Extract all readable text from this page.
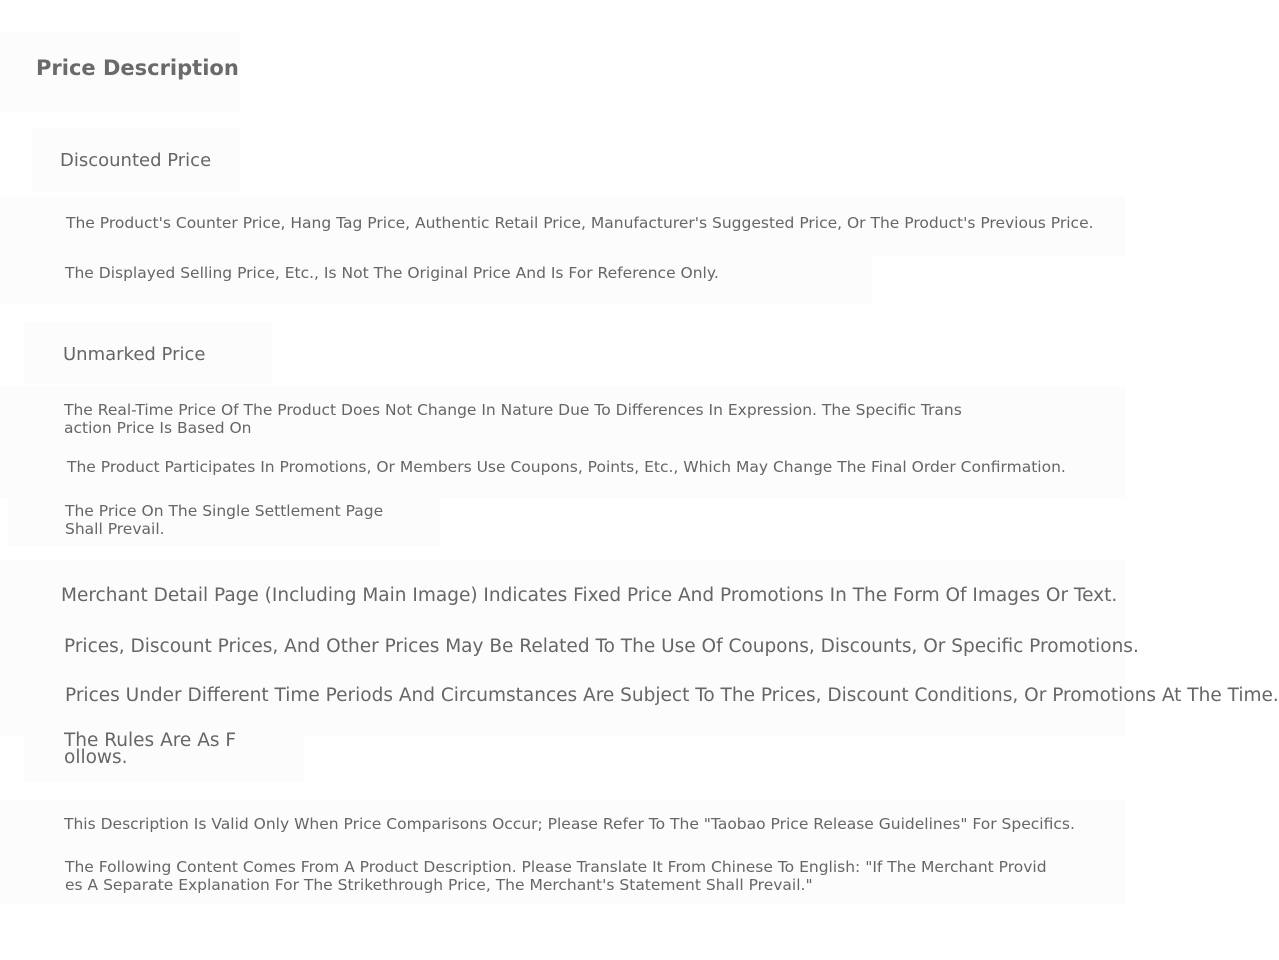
Price Description
Discounted Price
The Product's Counter Price, Hang Tag Price, Authentic Retail Price, Manufacturer's Suggested Price, Or The Product's Previous Price.
The Displayed Selling Price, Etc., Is Not The Original Price And Is For Reference Only.
Unmarked Price
The Real-Time Price Of The Product Does Not Change In Nature Due To Differences In Expression. The Specific Transaction Price Is Based On
The Product Participates In Promotions, Or Members Use Coupons, Points, Etc., Which May Change The Final Order Confirmation.
The Price On The Single Settlement Page Shall Prevail.
Merchant Detail Page (Including Main Image) Indicates Fixed Price And Promotions In The Form Of Images Or Text.
Prices, Discount Prices, And Other Prices May Be Related To The Use Of Coupons, Discounts, Or Specific Promotions.
Prices Under Different Time Periods And Circumstances Are Subject To The Prices, Discount Conditions, Or Promotions At The Time.
The Rules Are As Follows.
This Description Is Valid Only When Price Comparisons Occur; Please Refer To The "Taobao Price Release Guidelines" For Specifics.
The Following Content Comes From A Product Description. Please Translate It From Chinese To English: "If The Merchant Provides A Separate Explanation For The Strikethrough Price, The Merchant's Statement Shall Prevail."
